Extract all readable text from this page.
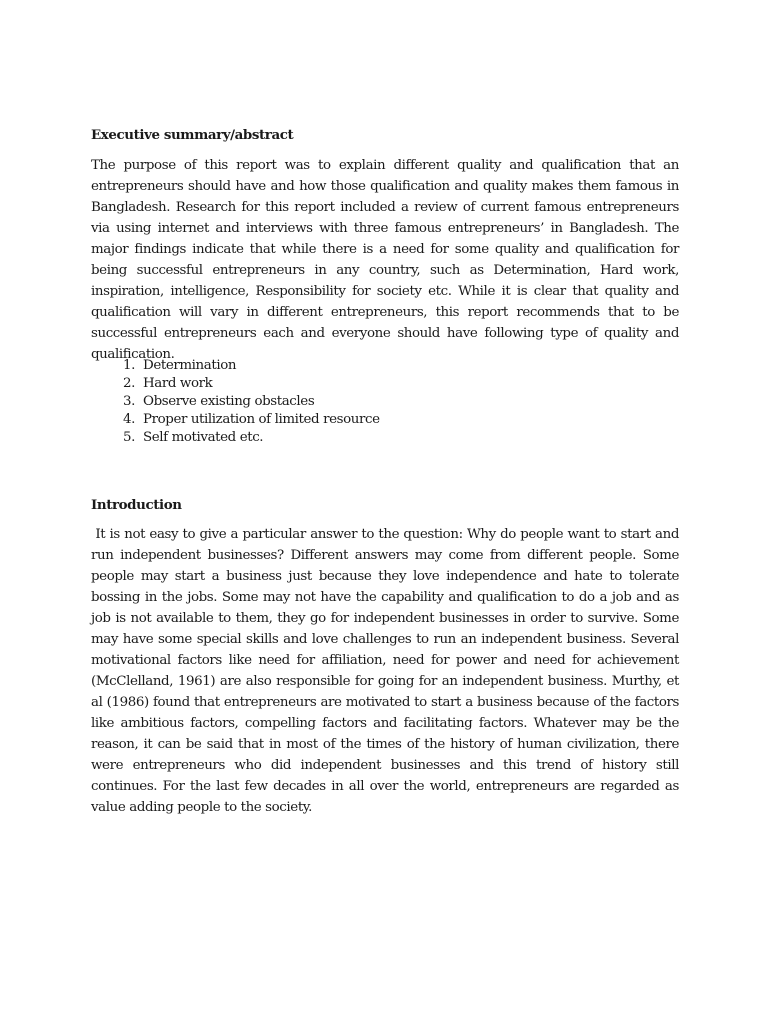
Executive summary/abstract

The purpose of this report was to explain different quality and qualification that an entrepreneurs should have and how those qualification and quality makes them famous in Bangladesh. Research for this report included a review of current famous entrepreneurs via using internet and interviews with three famous entrepreneurs’ in Bangladesh. The major findings indicate that while there is a need for some quality and qualification for being successful entrepreneurs in any country, such as Determination, Hard work, inspiration, intelligence, Responsibility for society etc. While it is clear that quality and qualification will vary in different entrepreneurs, this report recommends that to be successful entrepreneurs each and everyone should have following type of quality and qualification.

1. Determination
2. Hard work
3. Observe existing obstacles
4. Proper utilization of limited resource
5. Self motivated etc.
Introduction

It is not easy to give a particular answer to the question: Why do people want to start and run independent businesses? Different answers may come from different people. Some people may start a business just because they love independence and hate to tolerate bossing in the jobs. Some may not have the capability and qualification to do a job and as job is not available to them, they go for independent businesses in order to survive. Some may have some special skills and love challenges to run an independent business. Several motivational factors like need for affiliation, need for power and need for achievement (McClelland, 1961) are also responsible for going for an independent business. Murthy, et al (1986) found that entrepreneurs are motivated to start a business because of the factors like ambitious factors, compelling factors and facilitating factors. Whatever may be the reason, it can be said that in most of the times of the history of human civilization, there were entrepreneurs who did independent businesses and this trend of history still continues. For the last few decades in all over the world, entrepreneurs are regarded as value adding people to the society.
